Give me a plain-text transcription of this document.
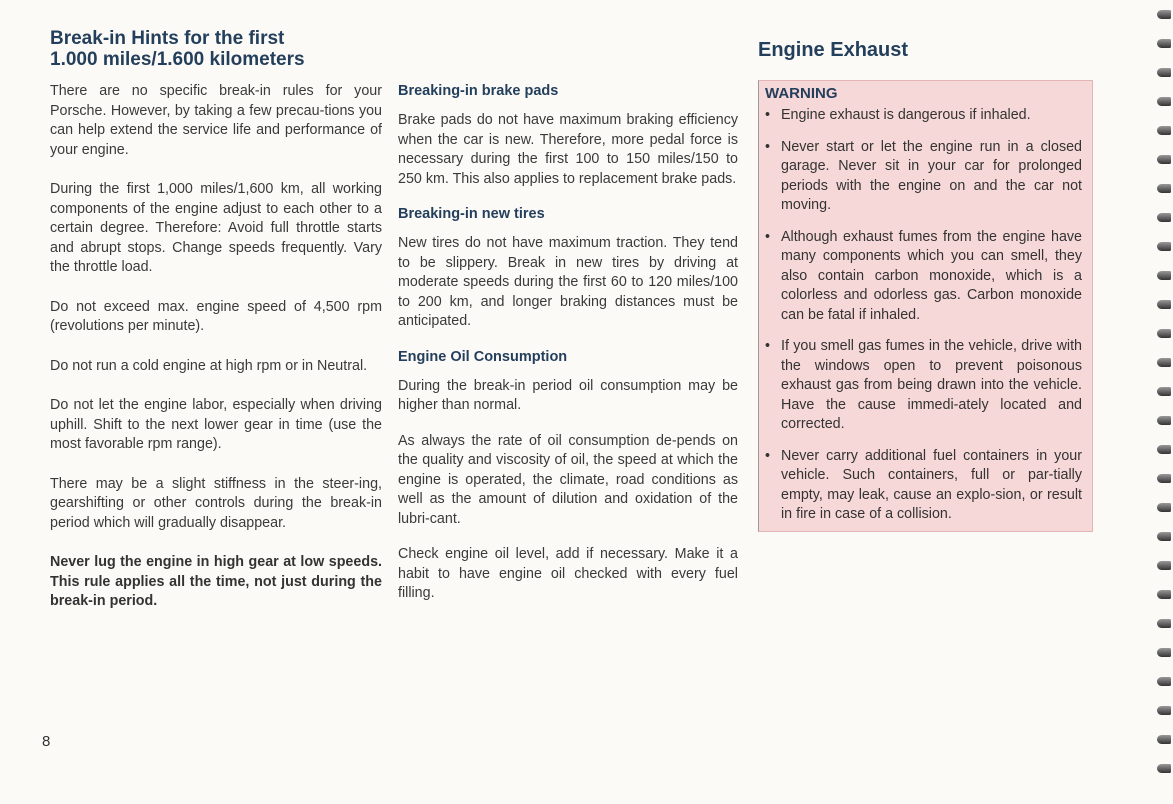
Break-in Hints for the first
1.000 miles/1.600 kilometers

There are no specific break-in rules for your Porsche. However, by taking a few precau-tions you can help extend the service life and performance of your engine.

During the first 1,000 miles/1,600 km, all working components of the engine adjust to each other to a certain degree. Therefore: Avoid full throttle starts and abrupt stops. Change speeds frequently. Vary the throttle load.

Do not exceed max. engine speed of 4,500 rpm (revolutions per minute).

Do not run a cold engine at high rpm or in Neutral.

Do not let the engine labor, especially when driving uphill. Shift to the next lower gear in time (use the most favorable rpm range).

There may be a slight stiffness in the steer-ing, gearshifting or other controls during the break-in period which will gradually disappear.

Never lug the engine in high gear at low speeds. This rule applies all the time, not just during the break-in period.

Breaking-in brake pads

Brake pads do not have maximum braking efficiency when the car is new. Therefore, more pedal force is necessary during the first 100 to 150 miles/150 to 250 km. This also applies to replacement brake pads.

Breaking-in new tires

New tires do not have maximum traction. They tend to be slippery. Break in new tires by driving at moderate speeds during the first 60 to 120 miles/100 to 200 km, and longer braking distances must be anticipated.

Engine Oil Consumption

During the break-in period oil consumption may be higher than normal.

As always the rate of oil consumption de-pends on the quality and viscosity of oil, the speed at which the engine is operated, the climate, road conditions as well as the amount of dilution and oxidation of the lubri-cant.

Check engine oil level, add if necessary. Make it a habit to have engine oil checked with every fuel filling.

Engine Exhaust
WARNING
• Engine exhaust is dangerous if inhaled.
• Never start or let the engine run in a closed garage. Never sit in your car for prolonged periods with the engine on and the car not moving.
• Although exhaust fumes from the engine have many components which you can smell, they also contain carbon monoxide, which is a colorless and odorless gas. Carbon monoxide can be fatal if inhaled.
• If you smell gas fumes in the vehicle, drive with the windows open to prevent poisonous exhaust gas from being drawn into the vehicle. Have the cause immedi-ately located and corrected.
• Never carry additional fuel containers in your vehicle. Such containers, full or par-tially empty, may leak, cause an explo-sion, or result in fire in case of a collision.
8
